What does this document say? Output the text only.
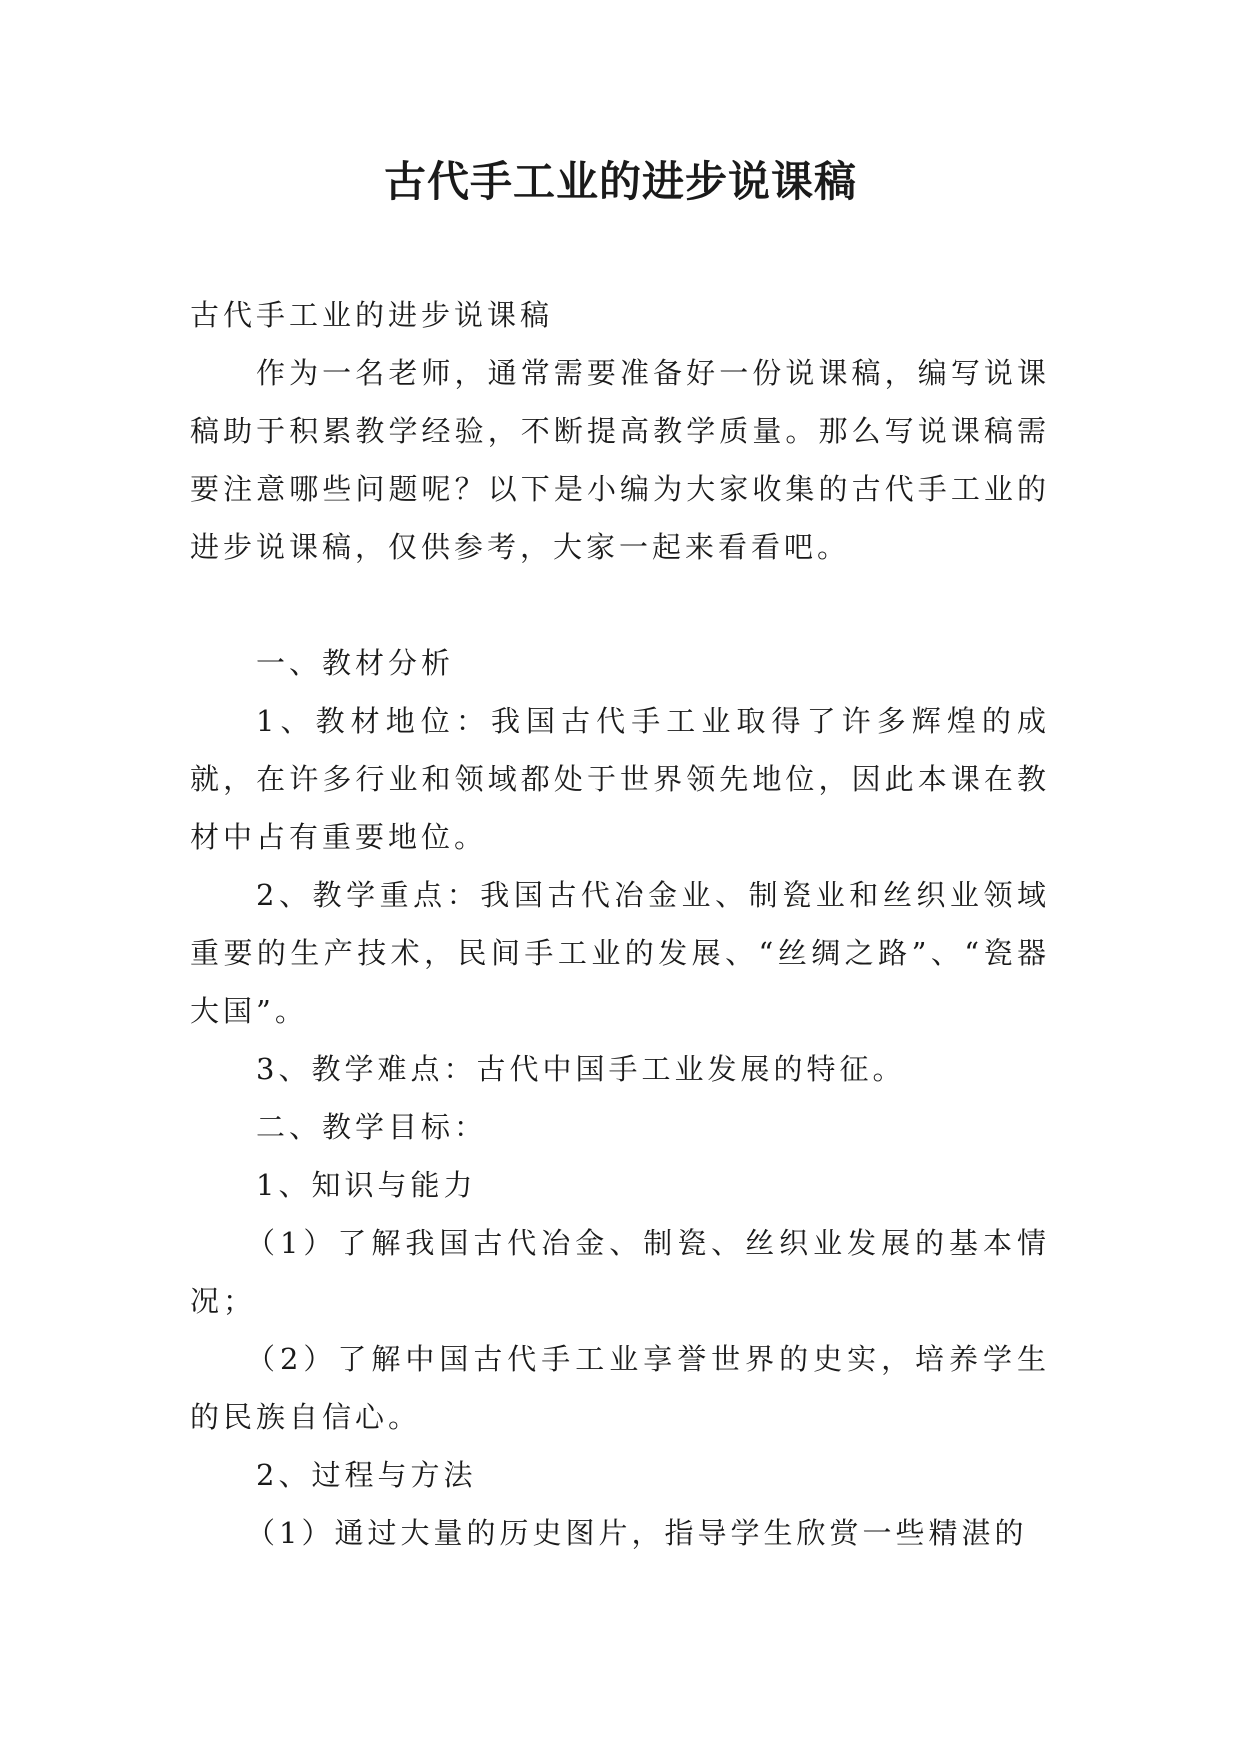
古代手工业的进步说课稿

古代手工业的进步说课稿

作为一名老师，通常需要准备好一份说课稿，编写说课稿助于积累教学经验，不断提高教学质量。那么写说课稿需要注意哪些问题呢？以下是小编为大家收集的古代手工业的进步说课稿，仅供参考，大家一起来看看吧。

一、教材分析

1、教材地位：我国古代手工业取得了许多辉煌的成就，在许多行业和领域都处于世界领先地位，因此本课在教材中占有重要地位。

2、教学重点：我国古代冶金业、制瓷业和丝织业领域重要的生产技术，民间手工业的发展、“丝绸之路”、“瓷器大国”。

3、教学难点：古代中国手工业发展的特征。

二、教学目标：

1、知识与能力

（1）了解我国古代冶金、制瓷、丝织业发展的基本情况；

（2）了解中国古代手工业享誉世界的史实，培养学生的民族自信心。

2、过程与方法

（1）通过大量的历史图片，指导学生欣赏一些精湛的
